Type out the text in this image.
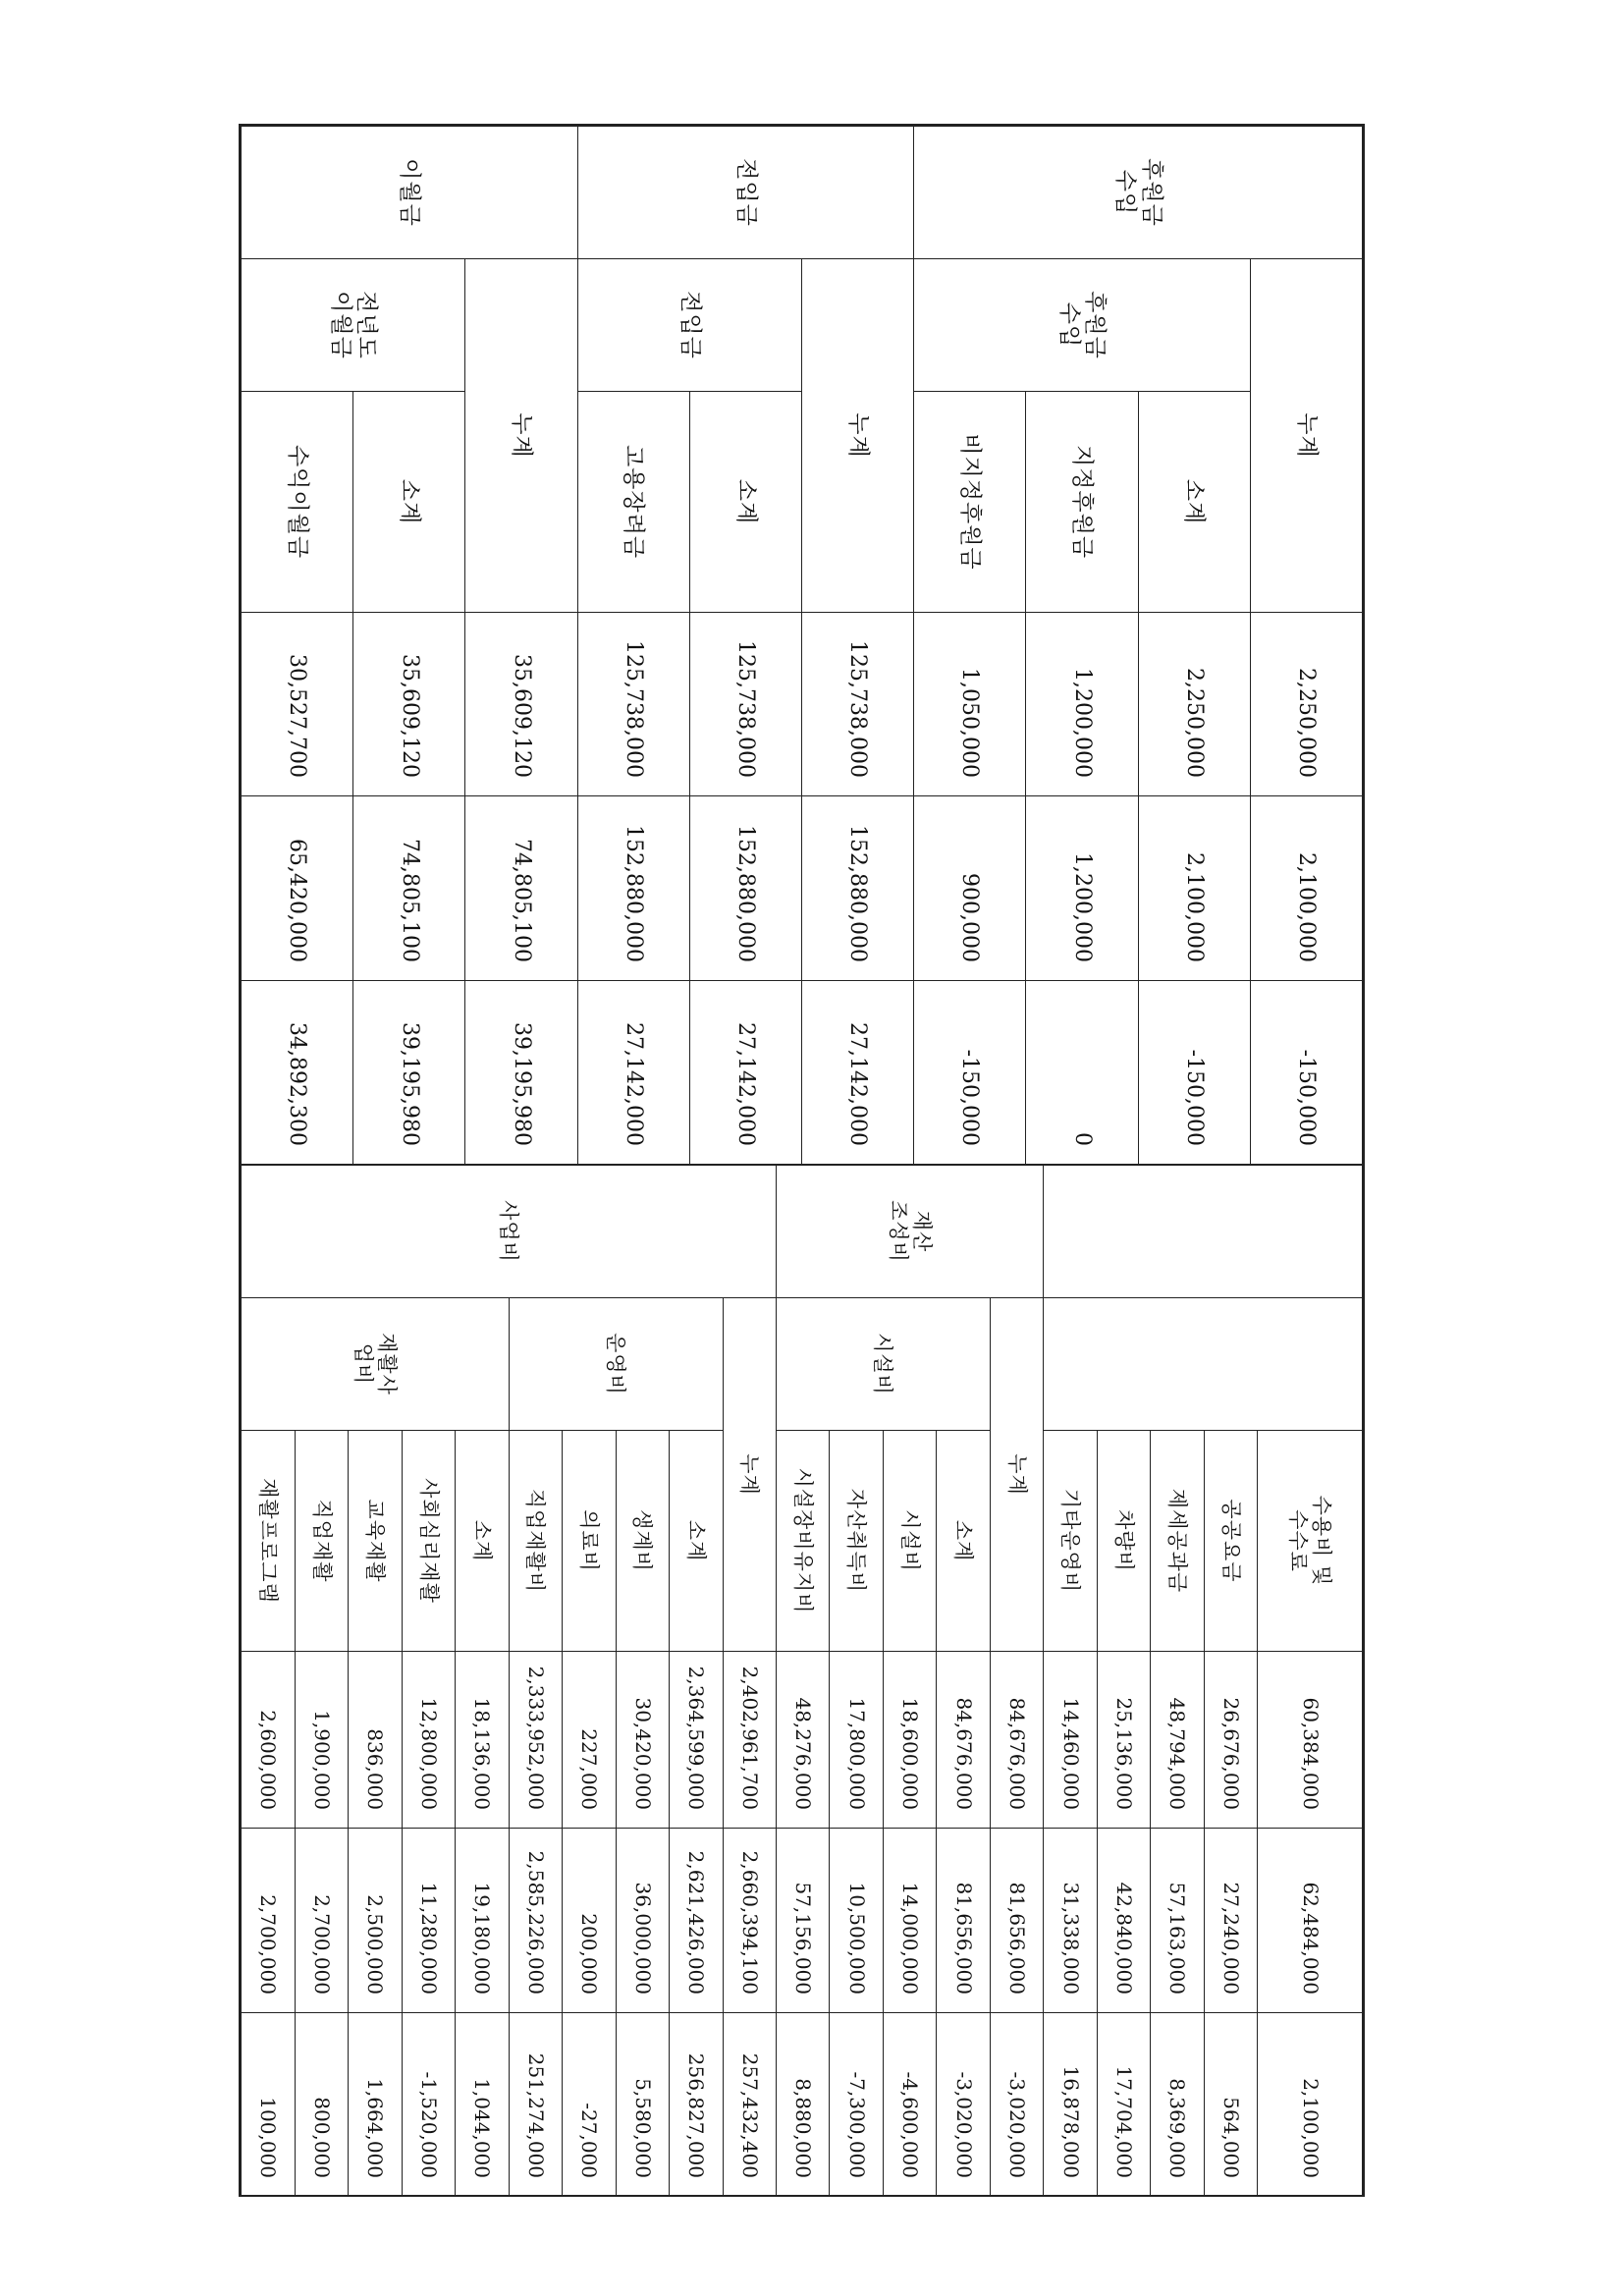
후원금
수입	누계		2,250,000	2,100,000	-150,000
	후원금
수입	소계	2,250,000	2,100,000	-150,000
		지정후원금	1,200,000	1,200,000	0
		비지정후원금	1,050,000	900,000	-150,000
전입금	누계		125,738,000	152,880,000	27,142,000
	전입금	소계	125,738,000	152,880,000	27,142,000
		고용장려금	125,738,000	152,880,000	27,142,000
이월금	누계		35,609,120	74,805,100	39,195,980
	전년도
이월금	소계	35,609,120	74,805,100	39,195,980
		수익이월금	30,527,700	65,420,000	34,892,300
		수용비 및
수수료	60,384,000	62,484,000	2,100,000
		공공요금	26,676,000	27,240,000	564,000
		제세공과금	48,794,000	57,163,000	8,369,000
		차량비	25,136,000	42,840,000	17,704,000
		기타운영비	14,460,000	31,338,000	16,878,000
재산
조성비	누계		84,676,000	81,656,000	-3,020,000
	시설비	소계	84,676,000	81,656,000	-3,020,000
		시설비	18,600,000	14,000,000	-4,600,000
		자산취득비	17,800,000	10,500,000	-7,300,000
		시설장비유지비	48,276,000	57,156,000	8,880,000
사업비	누계		2,402,961,700	2,660,394,100	257,432,400
	운영비	소계	2,364,599,000	2,621,426,000	256,827,000
		생계비	30,420,000	36,000,000	5,580,000
		의료비	227,000	200,000	-27,000
		직업재활비	2,333,952,000	2,585,226,000	251,274,000
	재활사
업비	소계	18,136,000	19,180,000	1,044,000
		사회심리재활	12,800,000	11,280,000	-1,520,000
		교육재활	836,000	2,500,000	1,664,000
		직업재활	1,900,000	2,700,000	800,000
		재활프로그램	2,600,000	2,700,000	100,000
